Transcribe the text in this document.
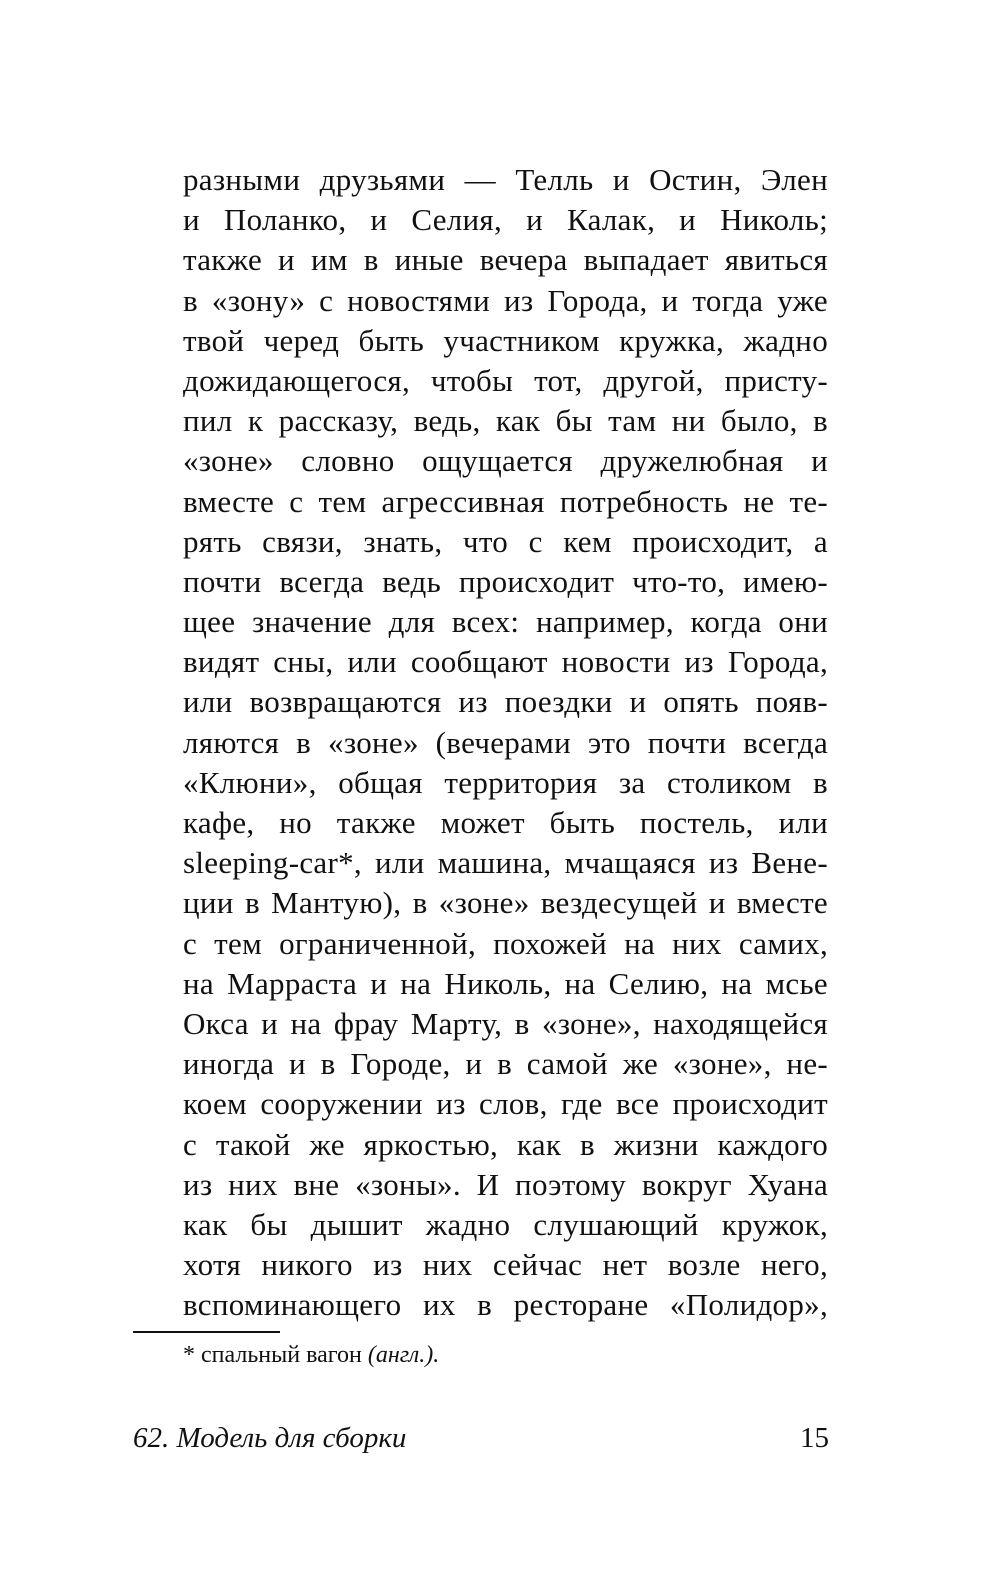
разными друзьями — Телль и Остин, Элен
и Поланко, и Селия, и Калак, и Николь;
также и им в иные вечера выпадает явиться
в «зону» с новостями из Города, и тогда уже
твой черед быть участником кружка, жадно
дожидающегося, чтобы тот, другой, присту-
пил к рассказу, ведь, как бы там ни было, в
«зоне» словно ощущается дружелюбная и
вместе с тем агрессивная потребность не те-
рять связи, знать, что с кем происходит, а
почти всегда ведь происходит что-то, имею-
щее значение для всех: например, когда они
видят сны, или сообщают новости из Города,
или возвращаются из поездки и опять появ-
ляются в «зоне» (вечерами это почти всегда
«Клюни», общая территория за столиком в
кафе, но также может быть постель, или
sleeping-car*, или машина, мчащаяся из Вене-
ции в Мантую), в «зоне» вездесущей и вместе
с тем ограниченной, похожей на них самих,
на Марраста и на Николь, на Селию, на мсье
Окса и на фрау Марту, в «зоне», находящейся
иногда и в Городе, и в самой же «зоне», не-
коем сооружении из слов, где все происходит
с такой же яркостью, как в жизни каждого
из них вне «зоны». И поэтому вокруг Хуана
как бы дышит жадно слушающий кружок,
хотя никого из них сейчас нет возле него,
вспоминающего их в ресторане «Полидор»,
* спальный вагон (англ.).
62. Модель для сборки	15
